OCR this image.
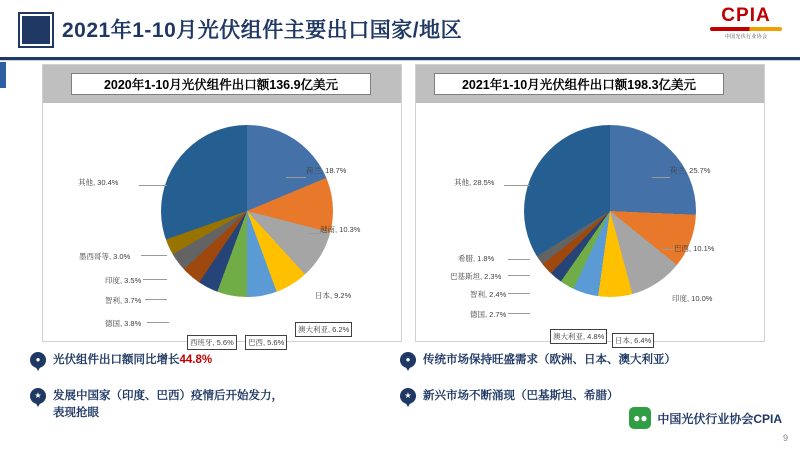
2021年1-10月光伏组件主要出口国家/地区
CPIA
中国光伏行业协会
2020年1-10月光伏组件出口额136.9亿美元
荷兰, 18.7%
越南, 10.3%
日本, 9.2%
澳大利亚, 6.2%
巴西, 5.6%
西班牙, 5.6%
德国, 3.8%
智利, 3.7%
印度, 3.5%
墨西哥等, 3.0%
其他, 30.4%
2021年1-10月光伏组件出口额198.3亿美元
荷兰, 25.7%
巴西, 10.1%
印度, 10.0%
日本, 6.4%
澳大利亚, 4.8%
德国, 2.7%
智利, 2.4%
巴基斯坦, 2.3%
希腊, 1.8%
其他, 28.5%
●	光伏组件出口额同比增长44.8%	●	传统市场保持旺盛需求（欧洲、日本、澳大利亚）
★ 发展中国家（印度、巴西）疫情后开始发力，
表现抢眼
★ 新兴市场不断涌现（巴基斯坦、希腊）
●● 中国光伏行业协会CPIA
9
